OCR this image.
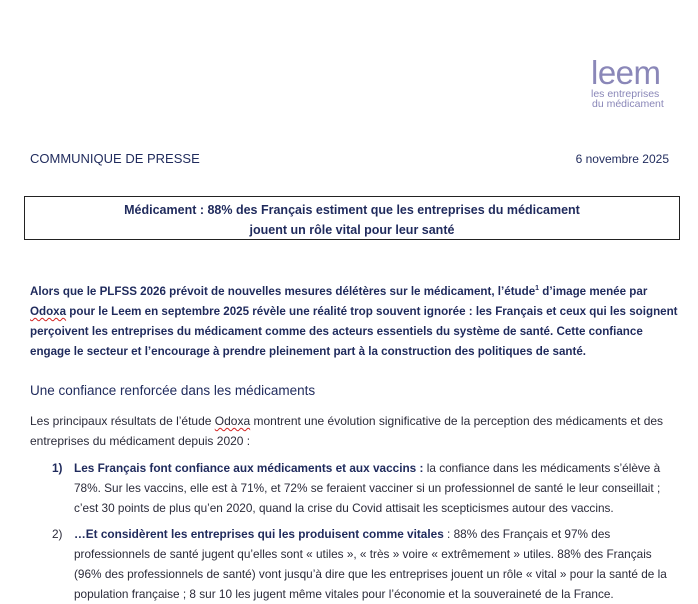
leem
les entreprises
du médicament
COMMUNIQUE DE PRESSE	6 novembre 2025
Médicament : 88% des Français estiment que les entreprises du médicament
jouent un rôle vital pour leur santé
Alors que le PLFSS 2026 prévoit de nouvelles mesures délétères sur le médicament, l’étude$^1$ d’image menée par Odoxa pour le Leem en septembre 2025 révèle une réalité trop souvent ignorée : les Français et ceux qui les soignent perçoivent les entreprises du médicament comme des acteurs essentiels du système de santé. Cette confiance engage le secteur et l’encourage à prendre pleinement part à la construction des politiques de santé.
Une confiance renforcée dans les médicaments
Les principaux résultats de l’étude Odoxa montrent une évolution significative de la perception des médicaments et des entreprises du médicament depuis 2020 :
1) Les Français font confiance aux médicaments et aux vaccins : la confiance dans les médicaments s’élève à 78%. Sur les vaccins, elle est à 71%, et 72% se feraient vacciner si un professionnel de santé le leur conseillait ; c’est 30 points de plus qu’en 2020, quand la crise du Covid attisait les scepticismes autour des vaccins.
2) …Et considèrent les entreprises qui les produisent comme vitales : 88% des Français et 97% des professionnels de santé jugent qu’elles sont « utiles », « très » voire « extrêmement » utiles. 88% des Français (96% des professionnels de santé) vont jusqu’à dire que les entreprises jouent un rôle « vital » pour la santé de la population française ; 8 sur 10 les jugent même vitales pour l’économie et la souveraineté de la France.
